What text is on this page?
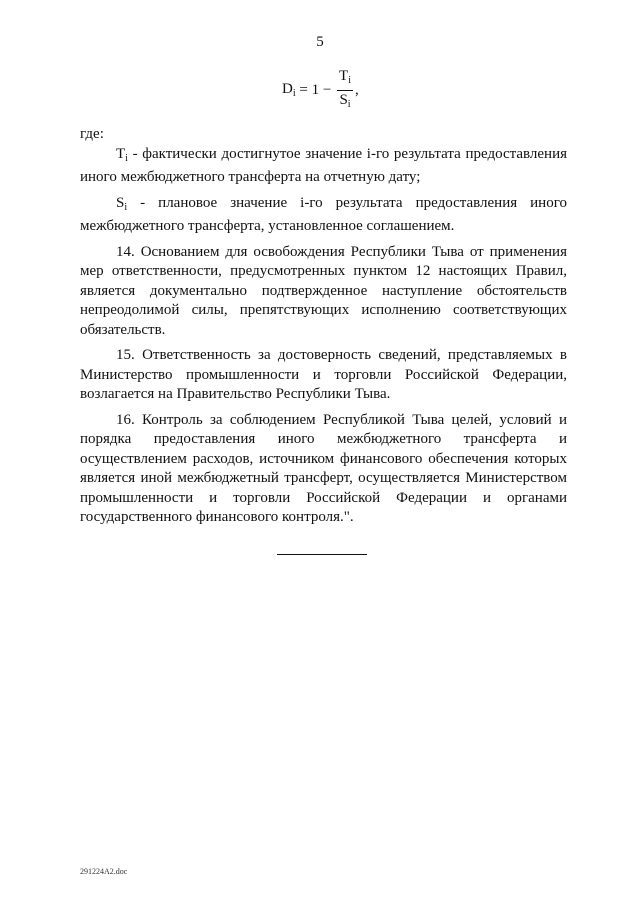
5
$D_i = 1 - \frac{T_i}{S_i}$ ,

где:

$T_i$ - фактически достигнутое значение i-го результата предоставления иного межбюджетного трансферта на отчетную дату;

$S_i$ - плановое значение i-го результата предоставления иного межбюджетного трансферта, установленное соглашением.

14. Основанием для освобождения Республики Тыва от применения мер ответственности, предусмотренных пунктом 12 настоящих Правил, является документально подтвержденное наступление обстоятельств непреодолимой силы, препятствующих исполнению соответствующих обязательств.

15. Ответственность за достоверность сведений, представляемых в Министерство промышленности и торговли Российской Федерации, возлагается на Правительство Республики Тыва.

16. Контроль за соблюдением Республикой Тыва целей, условий и порядка предоставления иного межбюджетного трансферта и осуществлением расходов, источником финансового обеспечения которых является иной межбюджетный трансферт, осуществляется Министерством промышленности и торговли Российской Федерации и органами государственного финансового контроля.".

291224A2.doc
